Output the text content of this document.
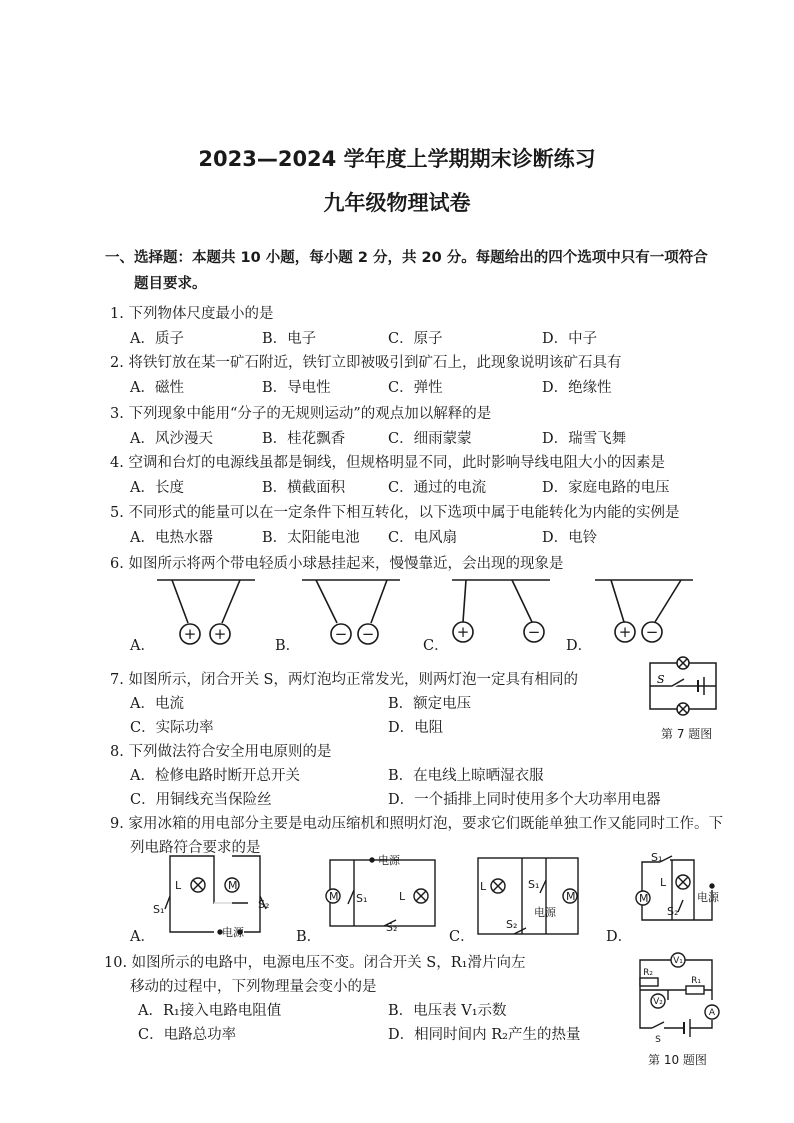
2023—2024 学年度上学期期末诊断练习
九年级物理试卷
一、选择题：本题共 10 小题，每小题 2 分，共 20 分。每题给出的四个选项中只有一项符合
题目要求。
1. 下列物体尺度最小的是
A．质子	B．电子	C．原子	D．中子
2. 将铁钉放在某一矿石附近，铁钉立即被吸引到矿石上，此现象说明该矿石具有
A．磁性	B．导电性	C．弹性	D．绝缘性
3. 下列现象中能用“分子的无规则运动”的观点加以解释的是
A．风沙漫天	B．桂花飘香	C．细雨蒙蒙	D．瑞雪飞舞
4. 空调和台灯的电源线虽都是铜线，但规格明显不同，此时影响导线电阻大小的因素是
A．长度	B．横截面积	C．通过的电流	D．家庭电路的电压
5. 不同形式的能量可以在一定条件下相互转化，以下选项中属于电能转化为内能的实例是
A．电热水器	B．太阳能电池 C．电风扇	D．电铃
6. 如图所示将两个带电轻质小球悬挂起来，慢慢靠近，会出现的现象是
A．	B．	C．	D．
+ +	− −	+	−	+ −
7. 如图所示，闭合开关 S，两灯泡均正常发光，则两灯泡一定具有相同的
A．电流	B．额定电压
C．实际功率	D．电阻	第 7 题图
S
8. 下列做法符合安全用电原则的是
A．检修电路时断开总开关	B．在电线上晾晒湿衣服
C．用铜线充当保险丝	D．一个插排上同时使用多个大功率用电器
9. 家用冰箱的用电部分主要是电动压缩机和照明灯泡，要求它们既能单独工作又能同时工作。下
列电路符合要求的是
A．	B．	C．	D．
L	M
S₁	S₂
电源
M S₁	L
电源
S₂
L	S₁
M
电源
S₂
S₁
M
L
S₂
电源
10. 如图所示的电路中，电源电压不变。闭合开关 S，R₁滑片向左
移动的过程中，下列物理量会变小的是
A．R₁接入电路电阻值	B．电压表 V₁示数
C．电路总功率	D．相同时间内 R₂产生的热量
第 10 题图
V₁
V₂
A
R₂
R₁
S
